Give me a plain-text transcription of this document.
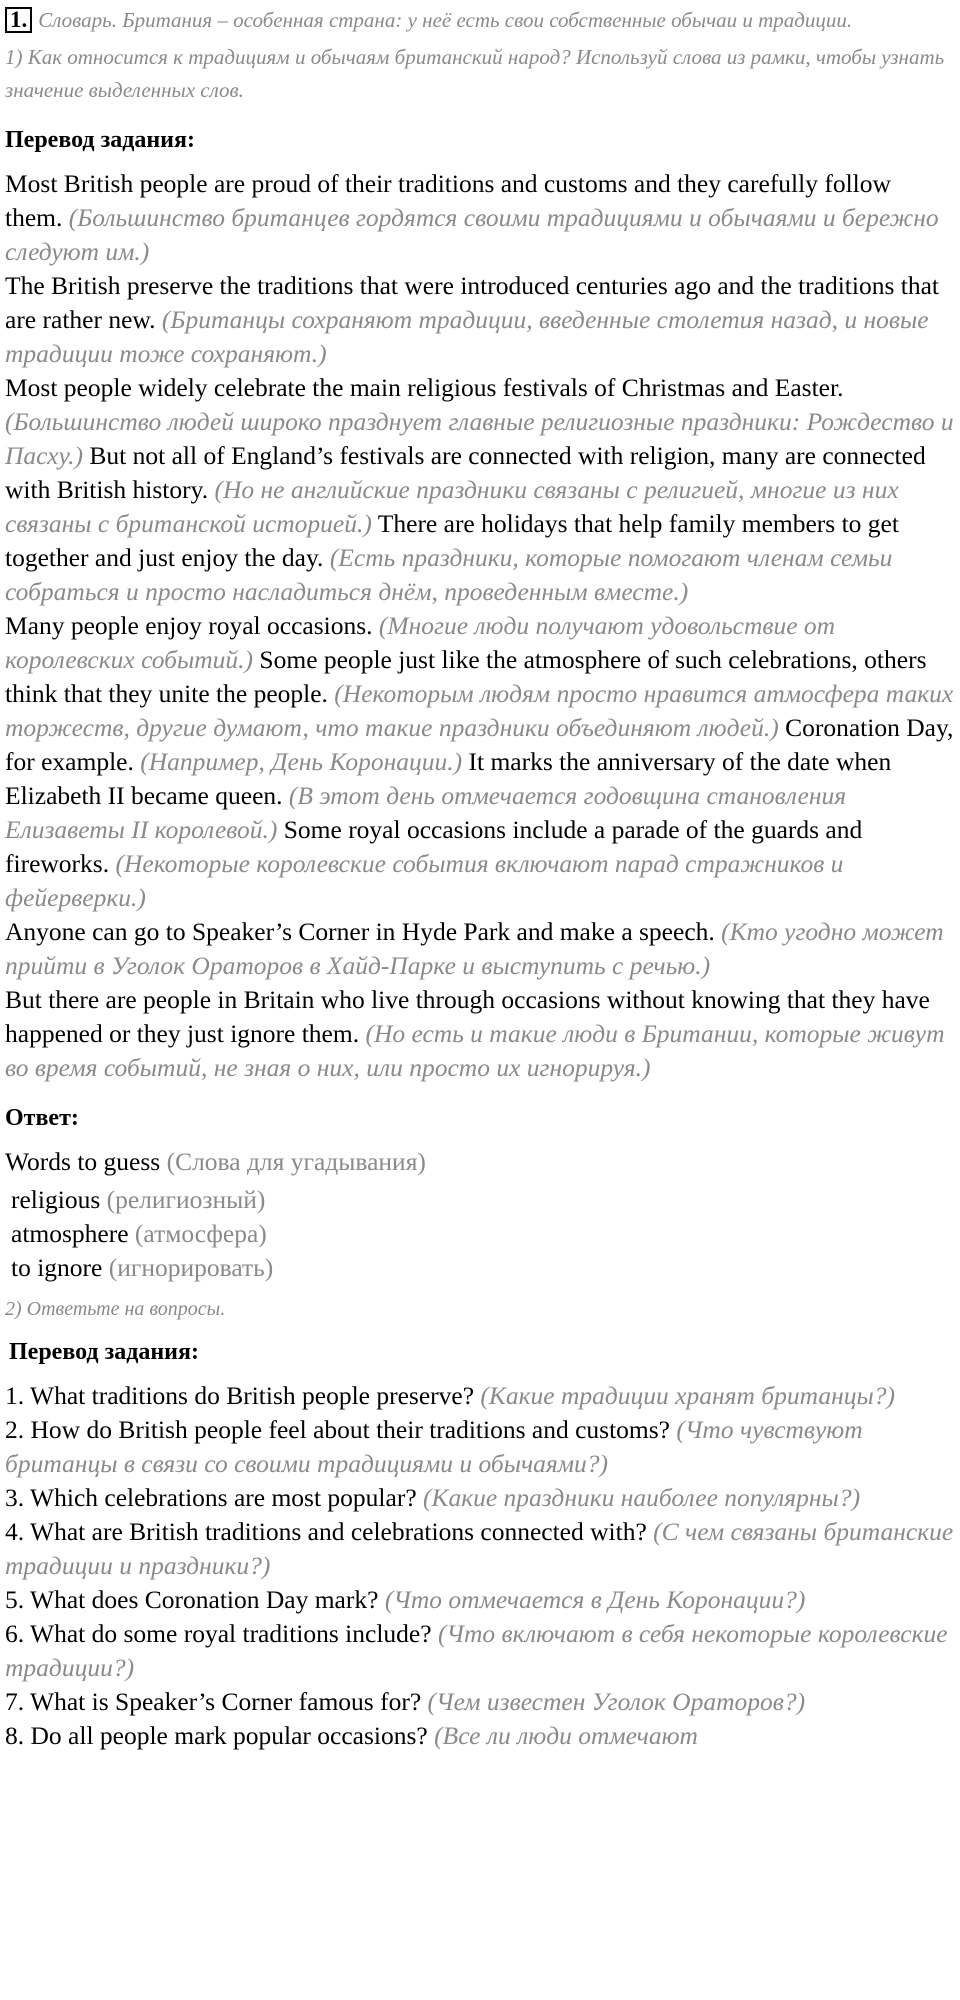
1. Словарь. Британия – особенная страна: у неё есть свои собственные обычаи и традиции.
1) Как относится к традициям и обычаям британский народ? Используй слова из рамки, чтобы узнать значение выделенных слов.
Перевод задания:

Most British people are proud of their traditions and customs and they carefully follow them. (Большинство британцев гордятся своими традициями и обычаями и бережно следуют им.)

The British preserve the traditions that were introduced centuries ago and the traditions that are rather new. (Британцы сохраняют традиции, введенные столетия назад, и новые традиции тоже сохраняют.)

Most people widely celebrate the main religious festivals of Christmas and Easter. (Большинство людей широко празднует главные религиозные праздники: Рождество и Пасху.) But not all of England’s festivals are connected with religion, many are connected with British history. (Но не английские праздники связаны с религией, многие из них связаны с британской историей.) There are holidays that help family members to get together and just enjoy the day. (Есть праздники, которые помогают членам семьи собраться и просто насладиться днём, проведенным вместе.)

Many people enjoy royal occasions. (Многие люди получают удовольствие от королевских событий.) Some people just like the atmosphere of such celebrations, others think that they unite the people. (Некоторым людям просто нравится атмосфера таких торжеств, другие думают, что такие праздники объединяют людей.) Coronation Day, for example. (Например, День Коронации.) It marks the anniversary of the date when Elizabeth II became queen. (В этот день отмечается годовщина становления Елизаветы II королевой.) Some royal occasions include a parade of the guards and fireworks. (Некоторые королевские события включают парад стражников и фейерверки.)

Anyone can go to Speaker’s Corner in Hyde Park and make a speech. (Кто угодно может прийти в Уголок Ораторов в Хайд-Парке и выступить с речью.)

But there are people in Britain who live through occasions without knowing that they have happened or they just ignore them. (Но есть и такие люди в Британии, которые живут во время событий, не зная о них, или просто их игнорируя.)

Ответ:
Words to guess (Слова для угадывания)
religious (религиозный)
atmosphere (атмосфера)
to ignore (игнорировать)
2) Ответьте на вопросы.
Перевод задания:

1. What traditions do British people preserve? (Какие традиции хранят британцы?)

2. How do British people feel about their traditions and customs? (Что чувствуют британцы в связи со своими традициями и обычаями?)

3. Which celebrations are most popular? (Какие праздники наиболее популярны?)

4. What are British traditions and celebrations connected with? (С чем связаны британские традиции и праздники?)

5. What does Coronation Day mark? (Что отмечается в День Коронации?)

6. What do some royal traditions include? (Что включают в себя некоторые королевские традиции?)

7. What is Speaker’s Corner famous for? (Чем известен Уголок Ораторов?)

8. Do all people mark popular occasions? (Все ли люди отмечают
